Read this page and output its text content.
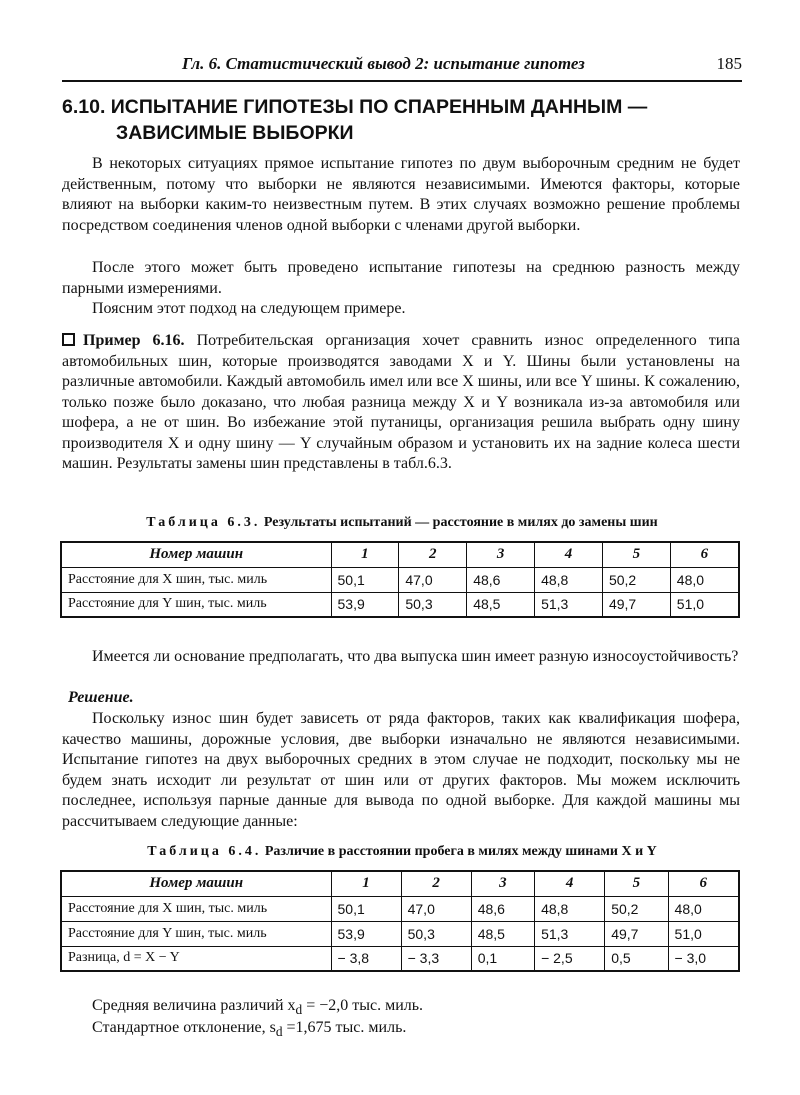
Гл. 6. Статистический вывод 2: испытание гипотез	185
6.10. ИСПЫТАНИЕ ГИПОТЕЗЫ ПО СПАРЕННЫМ ДАННЫМ —
ЗАВИСИМЫЕ ВЫБОРКИ

В некоторых ситуациях прямое испытание гипотез по двум выборочным средним не будет действенным, потому что выборки не являются независимыми. Имеются факторы, которые влияют на выборки каким-то неизвестным путем. В этих случаях возможно решение проблемы посредством соединения членов одной выборки с членами другой выборки.

После этого может быть проведено испытание гипотезы на среднюю разность между парными измерениями.

Поясним этот подход на следующем примере.

Пример 6.16. Потребительская организация хочет сравнить износ определенного типа автомобильных шин, которые производятся заводами X и Y. Шины были установлены на различные автомобили. Каждый автомобиль имел или все X шины, или все Y шины. К сожалению, только позже было доказано, что любая разница между X и Y возникала из-за автомобиля или шофера, а не от шин. Во избежание этой путаницы, организация решила выбрать одну шину производителя X и одну шину — Y случайным образом и установить их на задние колеса шести машин. Результаты замены шин представлены в табл.6.3.

Таблица 6.3. Результаты испытаний — расстояние в милях до замены шин
Номер машин	1	2	3	4	5	6
Расстояние для X шин, тыс. миль	50,1	47,0	48,6	48,8	50,2	48,0
Расстояние для Y шин, тыс. миль	53,9	50,3	48,5	51,3	49,7	51,0

Имеется ли основание предполагать, что два выпуска шин имеет разную износоустойчивость?

Решение.

Поскольку износ шин будет зависеть от ряда факторов, таких как квалификация шофера, качество машины, дорожные условия, две выборки изначально не являются независимыми. Испытание гипотез на двух выборочных средних в этом случае не подходит, поскольку мы не будем знать исходит ли результат от шин или от других факторов. Мы можем исключить последнее, используя парные данные для вывода по одной выборке. Для каждой машины мы рассчитываем следующие данные:

Таблица 6.4. Различие в расстоянии пробега в милях между шинами X и Y
Номер машин	1	2	3	4	5	6
Расстояние для X шин, тыс. миль	50,1	47,0	48,6	48,8	50,2	48,0
Расстояние для Y шин, тыс. миль	53,9	50,3	48,5	51,3	49,7	51,0
Разница, d = X − Y	− 3,8	− 3,3	0,1	− 2,5	0,5	− 3,0
Средняя величина различий $x_d = -2,0$ тыс. миль.
Стандартное отклонение, $s_d =1,675$ тыс. миль.
